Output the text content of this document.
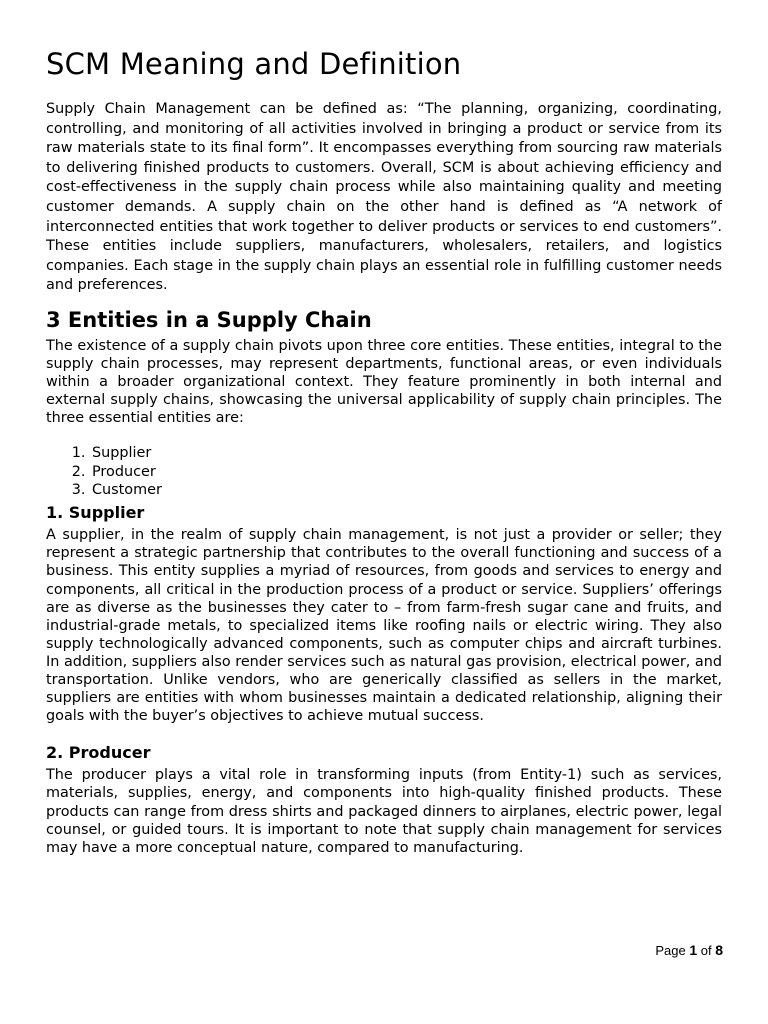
SCM Meaning and Definition

Supply Chain Management can be defined as: “The planning, organizing, coordinating, controlling, and monitoring of all activities involved in bringing a product or service from its raw materials state to its final form”. It encompasses everything from sourcing raw materials to delivering finished products to customers. Overall, SCM is about achieving efficiency and cost-effectiveness in the supply chain process while also maintaining quality and meeting customer demands. A supply chain on the other hand is defined as “A network of interconnected entities that work together to deliver products or services to end customers”. These entities include suppliers, manufacturers, wholesalers, retailers, and logistics companies. Each stage in the supply chain plays an essential role in fulfilling customer needs and preferences.

3 Entities in a Supply Chain

The existence of a supply chain pivots upon three core entities. These entities, integral to the supply chain processes, may represent departments, functional areas, or even individuals within a broader organizational context. They feature prominently in both internal and external supply chains, showcasing the universal applicability of supply chain principles. The three essential entities are:

1. Supplier
2. Producer
3. Customer
1. Supplier

A supplier, in the realm of supply chain management, is not just a provider or seller; they represent a strategic partnership that contributes to the overall functioning and success of a business. This entity supplies a myriad of resources, from goods and services to energy and components, all critical in the production process of a product or service. Suppliers’ offerings are as diverse as the businesses they cater to – from farm-fresh sugar cane and fruits, and industrial-grade metals, to specialized items like roofing nails or electric wiring. They also supply technologically advanced components, such as computer chips and aircraft turbines. In addition, suppliers also render services such as natural gas provision, electrical power, and transportation. Unlike vendors, who are generically classified as sellers in the market, suppliers are entities with whom businesses maintain a dedicated relationship, aligning their goals with the buyer’s objectives to achieve mutual success.

2. Producer

The producer plays a vital role in transforming inputs (from Entity-1) such as services, materials, supplies, energy, and components into high-quality finished products. These products can range from dress shirts and packaged dinners to airplanes, electric power, legal counsel, or guided tours. It is important to note that supply chain management for services may have a more conceptual nature, compared to manufacturing.

Page 1 of 8
